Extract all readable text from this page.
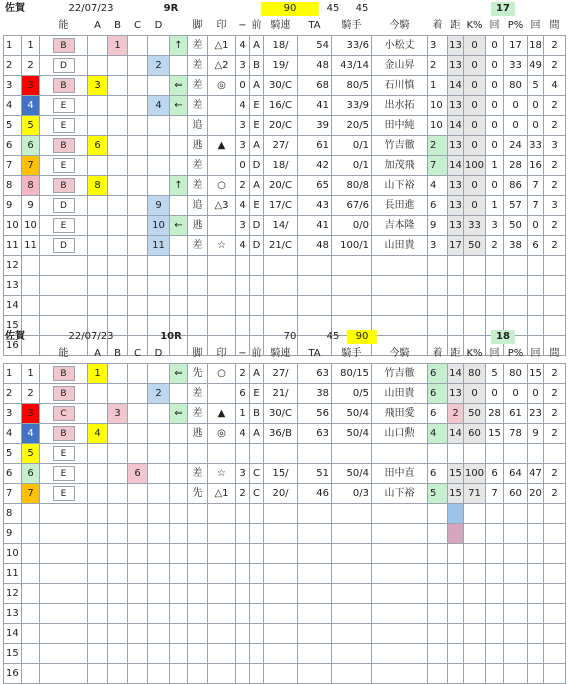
佐賀	22/07/23	9R		90	45	45			17	
		能	A	B	C	D		脚	印	−	前	騎連	TA	騎手	今騎	着	距	K%	回	P%	回	間
1	1	B		1			↑	差	△1	4	A	18/	54	33/6	小松丈	3	13	0	0	17	18	2
2	2	D				2		差	△2	3	B	19/	48	43/14	金山昇	2	13	0	0	33	49	2
3	3	B	3				⇐	差	◎	0	A	30/C	68	80/5	石川慎	1	14	0	0	80	5	4
4	4	E				4	←	差		4	E	16/C	41	33/9	出水拓	10	13	0	0	0	0	2
5	5	E						追		3	E	20/C	39	20/5	田中純	10	14	0	0	0	0	2
6	6	B	6					逃	▲	3	A	27/	61	0/1	竹吉徹	2	13	0	0	24	33	3
7	7	E						差		0	D	18/	42	0/1	加茂飛	7	14	100	1	28	16	2
8	8	B	8				↑	差	○	2	A	20/C	65	80/8	山下裕	4	13	0	0	86	7	2
9	9	D				9		追	△3	4	E	17/C	43	67/6	長田進	6	13	0	1	57	7	3
10	10	E				10	←	逃		3	D	14/	41	0/0	吉本隆	9	13	33	3	50	0	2
11	11	D				11		差	☆	4	D	21/C	48	100/1	山田貴	3	17	50	2	38	6	2
12																						
13																						
14																						
15																						
16																						
佐賀	22/07/23	10R		70	45	90			18	
		能	A	B	C	D		脚	印	−	前	騎連	TA	騎手	今騎	着	距	K%	回	P%	回	間
1	1	B	1				⇐	先	○	2	A	27/	63	80/15	竹吉徹	6	14	80	5	80	15	2
2	2	B				2		差		6	E	21/	38	0/5	山田貴	6	13	0	0	0	0	2
3	3	C		3			⇐	差	▲	1	B	30/C	56	50/4	飛田愛	6	2	50	28	61	23	2
4	4	B	4					逃	◎	4	A	36/B	63	50/4	山口勲	4	14	60	15	78	9	2
5	5	E																				
6	6	E			6			差	☆	3	C	15/	51	50/4	田中直	6	15	100	6	64	47	2
7	7	E						先	△1	2	C	20/	46	0/3	山下裕	5	15	71	7	60	20	2
8																						
9																						
10																						
11																						
12																						
13																						
14																						
15																						
16																						
